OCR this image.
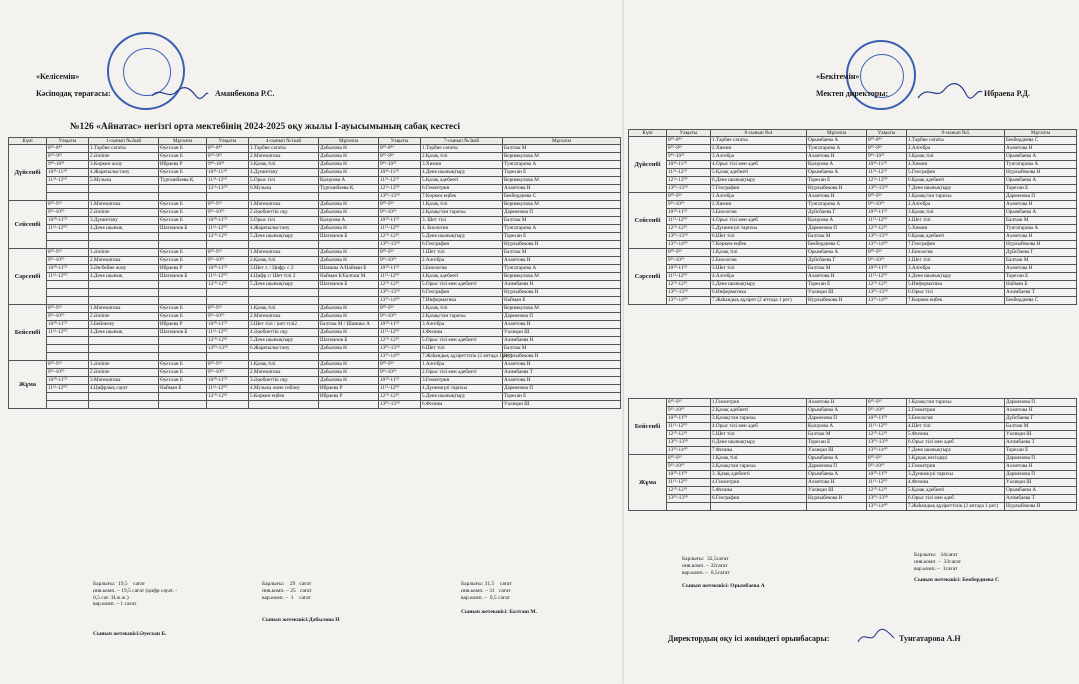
«Келісемін»
Кәсіподақ төрағасы:	Аманбекова Р.С.
№126 «Айнатас» негізгі орта мектебінің 2024-2025 оқу жылы І-ауысымының сабақ кестесі
Күні	Уақыты	1-сынып №2каб	Мұғалім	Уақыты	4-сынып №1каб	Мұғалім	Уақыты	7-сынып №3каб	Мұғалім
Дүйсенбі	8³⁰-8⁴⁵	1.Тәрбие сағаты	Өуесхан Б	8³⁰-8⁴⁵	1.Тәрбие сағаты	Дабылова Н	8³⁰-8⁴⁵	1.Тәрбие сағаты	Балташ М
	8⁵⁰-9³⁵	2.Әліппе	Өуесхан Б	8⁵⁰-9³⁵	2.Математика	Дабылова Н	8⁵⁰-9³⁵	2.Қазақ тілі	Керимкулова М
	9⁴⁵-10²⁵	3.Көркем жазу	Ибраева Р	9⁴⁵-10²⁵	3.Қазақ тілі	Дабылова Н	9⁴⁵-10²⁵	3.Химия	Тунгатарова А
	10³⁵-11²⁰	4.Жаратылыстану	Өуесхан Б	10³⁵-11²⁰	4.Дүниетану	Дабылова Н	10³⁵-11²⁰	4.Дене шынықтыру	Торехан Е
	11²⁵-12¹⁰	5.Музыка	Турсынбаева Қ	11²⁵-12¹⁰	5.Орыс тілі	Калауова А	11²⁵-12¹⁰	5.Қазақ әдебиеті	Керимкулова М
				12¹⁵-13⁰⁰	6.Музыка	Турсынбаева Қ	12¹⁵-13⁰⁰	6.Геометрия	Ахметова Н
							13⁰⁵-13⁵⁰	7.Көркем еңбек	Бекбердиева С
Сейсенбі	8³⁰-9¹⁵	1.Математика	Өуесхан Б	8³⁰-9¹⁵	1.Математика	Дабылова Н	8³⁰-9¹⁵	1.Қазақ тілі	Керимкулова М
	9²⁵-10¹⁰	2.Әліппе	Өуесхан Б	9²⁵-10¹⁰	2.Әдебиеттік оқу	Дабылова Н	9²⁵-10¹⁰	2.Қазақстан тарихы	Дарменова П
	10²⁰-11⁰⁵	3.Дүниетану	Өуесхан Б	10²⁰-11⁰⁵	3.Орыс тілі	Калауова А	10²⁰-11⁰⁵	3. Шет тілі	Балташ М
	11¹⁵-12⁰⁰	4.Дене шынық	Шатманов Б	11¹⁵-12⁰⁰	4.Жаратылыстану	Дабылова Н	11¹⁵-12⁰⁰	4. Биология	Тунгатарова А
				12¹⁰-12⁵⁵	5.Дене шынықтыру	Шатманов Б	12¹⁰-12⁵⁵	5.Дене шынықтыру	Торехан Е
							13⁰⁵-13⁵⁰	6.География	Нурлыбекова Н
Сәрсенбі	8³⁰-9¹⁵	1.Әліппе	Өуесхан Б	8³⁰-9¹⁵	1.Математика	Дабылова Н	8³⁰-9¹⁵	1.Шет тілі	Балташ М
	9²⁵-10¹⁰	2.Математика	Өуесхан Б	9²⁵-10¹⁰	2.Қазақ тілі	Дабылова Н	9²⁵-10¹⁰	2.Алгебра	Ахметова Н
	10²⁰-11⁰⁵	3.Ән/бейне жазу	Ибраева Р	10²⁰-11⁰⁵	3.Шет т. / Цифр. с 2	Шамшы А/Найман Б	10²⁰-11⁰⁵	3.Биология	Тунгатарова А
	11¹⁵-12⁰⁰	4.Дене шынық	Шатманов Б	11¹⁵-12⁰⁰	4.Цифр с/ Шет тілі 2	Найман Б/Балташ М	11¹⁵-12⁰⁰	4.Қазақ әдебиеті	Керимкулова М
				12¹⁰-12⁵⁵	5.Дене шынықтыру	Шатманов Б	12¹⁰-12⁵⁵	5.Орыс тілі мен әдебиеті	Алимбаева Н
							13⁰⁵-13⁵⁰	6.География	Нурлыбекова Н
							13⁵⁵-14⁴⁰	7.Информатика	Найман Б
Бейсенбі	8³⁰-9¹⁵	1.Математика	Өуесхан Б	8³⁰-9¹⁵	1.Қазақ тілі	Дабылова Н	8³⁰-9¹⁵	1.Қазақ тілі	Керимкулова М
	9²⁵-10¹⁰	2.Әліппе	Өуесхан Б	9²⁵-10¹⁰	2.Математика	Дабылова Н	9²⁵-10¹⁰	2.Қазақстан тарихы	Дарменова П
	10²⁰-11⁰⁵	3.Бейнелеу	Ибраева Р	10²⁰-11⁰⁵	3.Шет тілі / шет тілі2	Балташ М / Шамшы А	10²⁰-11⁰⁵	3.Алгебра	Ахметова Н
	11¹⁵-12⁰⁰	4.Дене шынық	Шатманов Б	11¹⁵-12⁰⁰	4.Әдебиеттік оқу	Дабылова Н	11¹⁵-12⁰⁰	4.Физика	Уалиқан Ш
				12¹⁰-12⁵⁵	5.Дене шынықтыру	Шатманов Б	12¹⁰-12⁵⁵	5.Орыс тілі мен әдебиеті	Алимбаева Н
				13⁰⁵-13⁵⁰	6.Жаратылыстану	Дабылова Н	13⁰⁵-13⁵⁰	6.Шет тілі	Балташ М
							13⁵⁵-14⁴⁰	7.Жаһандық құзіреттілік (2 аптада 1 рет)	Нурлыбекова Н
Жұма	8³⁰-9¹⁵	1.Әліппе	Өуесхан Б	8³⁰-9¹⁵	1.Қазақ тілі	Дабылова Н	8³⁰-9¹⁵	1.Алгебра	Ахметова Н
	9²⁵-10¹⁰	2.Әліппе	Өуесхан Б	9²⁵-10¹⁰	2.Математика	Дабылова Н	9²⁵-10¹⁰	2.Орыс тілі мен әдебиеті	Алимбаева Т
	10²⁰-11⁰⁵	3.Математика	Өуесхан Б	10²⁰-11⁰⁵	3.Әдебиеттік оқу	Дабылова Н	10²⁰-11⁰⁵	3.Геометрия	Ахметова Н
	11¹⁵-12⁰⁰	4.Цифрлық сауат	Найман Б	11¹⁵-12⁰⁰	4.Музыка және сөйлеу	Ибраева Р	11¹⁵-12⁰⁰	4.Дүниежүзі тарихы	Дарменова П
				12¹⁰-12⁵⁵	5.Көркем еңбек	Ибраева Р	12¹⁰-12⁵⁵	5.Дене шынықтыру	Торехан Е
							13⁰⁵-13⁵⁰	6.Физика	Уалиқан Ш
Барлығы:  19,5    сағат
инв.комп. – 19,5 сағат (цифр сауат. -
0,5 сағ. Н.ж.ж.)
вар.комп. – 1 сағат
Сынып жетекшісі:Әуесхан Б.
Барлығы:    29   сағат
инв.комп. – 25   сағат
вар.комп. –  1    сағат
Сынып жетекшісі:Дабылова Н
Барлығы: 31,5    сағат
инв.комп. – 31   сағат
вар.комп. –  0,5 сағат
Сынып жетекшісі: Балташ М.
«Бекітемін»
Мектеп директоры:	Ибраева Р.Д.
Күні	Уақыты	8-сынып №4	Мұғалім	Уақыты	9-сынып №5	Мұғалім
Дүйсенбі	8³⁰-8⁴⁵	1.Тәрбие сағаты	Орымбаева А	8³⁰-8⁴⁵	1.Тәрбие сағаты	Бекбердиева С
	8⁵⁰-9³⁵	2.Химия	Тунгатарова А	8⁵⁰-9³⁵	2.Алгебра	Ахметова Н
	9⁴⁵-10²⁵	3.Алгебра	Ахметова Н	9⁴⁵-10²⁵	3.Қазақ тілі	Орымбаева А
	10³⁵-11²⁰	4.Орыс тілі мен әдеб	Калауова А	10³⁵-11²⁰	4.Химия	Тунгатарова А
	11²⁵-12¹⁰	5.Қазақ әдебиеті	Орымбаева А	11²⁵-12¹⁰	5.География	Нурлыбекова Н
	12¹⁵-13⁰⁰	6.Дене шынықтыру	Торехан Е	12¹⁵-13⁰⁰	6.Қазақ әдебиеті	Орымбаева А
	13⁰⁵-13⁵⁰	7.География	Нурлыбекова Н	13⁰⁵-13⁵⁰	7.Дене шынықтыру	Торехан Е
Сейсенбі	8³⁰-9¹⁵	1.Алгебра	Ахметова Н	8³⁰-9¹⁵	1.Қазақстан тарихы	Дарменова П
	9²⁵-10¹⁰	2.Химия	Тунгатарова А	9²⁵-10¹⁰	2.Алгебра	Ахметова Н
	10²⁰-11⁰⁵	3.Биология	Дүйсбаева Г	10²⁰-11⁰⁵	3.Қазақ тілі	Орымбаева А
	11¹⁵-12⁰⁰	4.Орыс тілі мен әдеб	Калауова А	11¹⁵-12⁰⁰	4.Шет тілі	Балташ М
	12¹⁰-12⁵⁵	5.Дүниежүзі тарихы	Дарменова П	12¹⁰-12⁵⁵	5.Химия	Тунгатарова А
	13⁰⁵-13⁵⁰	6.Шет тілі	Балташ М	13⁰⁵-13⁵⁰	6.Қазақ әдебиеті	Ахметова Н
	13⁵⁵-14⁴⁰	7.Көркем еңбек	Бекбердиева С	13⁵⁵-14⁴⁰	7.География	Нурлыбекова Н
Сәрсенбі	8³⁰-9¹⁵	1.Қазақ тілі	Орымбаева А	8³⁰-9¹⁵	1.Биология	Дүйсбаева Г
	9²⁵-10¹⁰	2.Биология	Дүйсбаева Г	9²⁵-10¹⁰	2.Шет тілі	Балташ М
	10²⁰-11⁰⁵	3.Шет тілі	Балташ М	10²⁰-11⁰⁵	3.Алгебра	Ахметова Н
	11¹⁵-12⁰⁰	4.Алгебра	Ахметова Н	11¹⁵-12⁰⁰	4.Дене шынықтыру	Торехан Е
	12¹⁰-12⁵⁵	5.Дене шынықтыру	Торехан Е	12¹⁰-12⁵⁵	5.Информатика	Найман Б
	13⁰⁵-13⁵⁰	6.Информатика	Уалиқан Ш	13⁰⁵-13⁵⁰	6.Орыс тілі	Алимбаева Т
	13⁵⁵-14⁴⁰	7.Жаһандық құзірет (2 аптада 1 рет)	Нурлыбекова Н	13⁵⁵-14⁴⁰	7.Көркем еңбек	Бекбердиева С
Бейсенбі	8³⁰-9¹⁵	1.Геометрия	Ахметова Н	8³⁰-9¹⁵	1.Қазақстан тарихы	Дарменова П
	9²⁵-10¹⁰	2.Қазақ әдебиеті	Орымбаева А	9²⁵-10¹⁰	2.Геометрия	Ахметова Н
	10²⁰-11⁰⁵	3.Қазақстан тарихы	Дарменова П	10²⁰-11⁰⁵	3.Биология	Дүйсбаева Г
	11¹⁵-12⁰⁰	4.Орыс тілі мен әдеб	Калауова А	11¹⁵-12⁰⁰	4.Шет тілі	Балташ М
	12¹⁰-12⁵⁵	5.Шет тілі	Балташ М	12¹⁰-12⁵⁵	5.Физика	Уалиқан Ш
	13⁰⁵-13⁵⁰	6.Дене шынықтыру	Торехан Е	13⁰⁵-13⁵⁰	6.Орыс тілі мен әдеб	Алимбаева Т
	13⁵⁵-14⁴⁰	7.Физика	Уалиқан Ш	13⁵⁵-14⁴⁰	7.Дене шынықтыру	Торехан Е
Жұма	8³⁰-9¹⁵	1.Қазақ тілі	Орымбаева А	8³⁰-9¹⁵	1.Құқық негіздері	Дарменова П
	9²⁵-10¹⁰	2.Қазақстан тарихы	Дарменова П	9²⁵-10¹⁰	2.Геометрия	Ахметова Н
	10²⁰-11⁰⁵	3. Қазақ әдебиеті	Орымбаева А	10²⁰-11⁰⁵	3.Дүниежүзі тарихы	Дарменова П
	11¹⁵-12⁰⁰	4.Геометрия	Ахметова Н	11¹⁵-12⁰⁰	4.Физика	Уалиқан Ш
	12¹⁰-12⁵⁵	5.Физика	Уалиқан Ш	12¹⁰-12⁵⁵	5.Қазақ әдебиеті	Орымбаева А
	13⁰⁵-13⁵⁰	6.География	Нурлыбекова Н	13⁰⁵-13⁵⁰	6.Орыс тілі мен әдеб	Алимбаева Т
				13⁵⁵-14⁴⁰	7.Жаһандық құзіреттілік (2 аптада 1 рет)	Нурлыбекова Н
Барлығы:  32,5сағат
инв.комп. – 32сағат
вар.комп. –  0,5сағат
Сынып жетекшісі: Орымбаева А
Барлығы:   34сағат
инв.комп. –  33сағат
вар.комп. –  1сағат
Сынып жетекшісі: Бекбердиева С
Директордың оқу ісі жөніндегі орынбасары:	Тунгатарова А.Н
